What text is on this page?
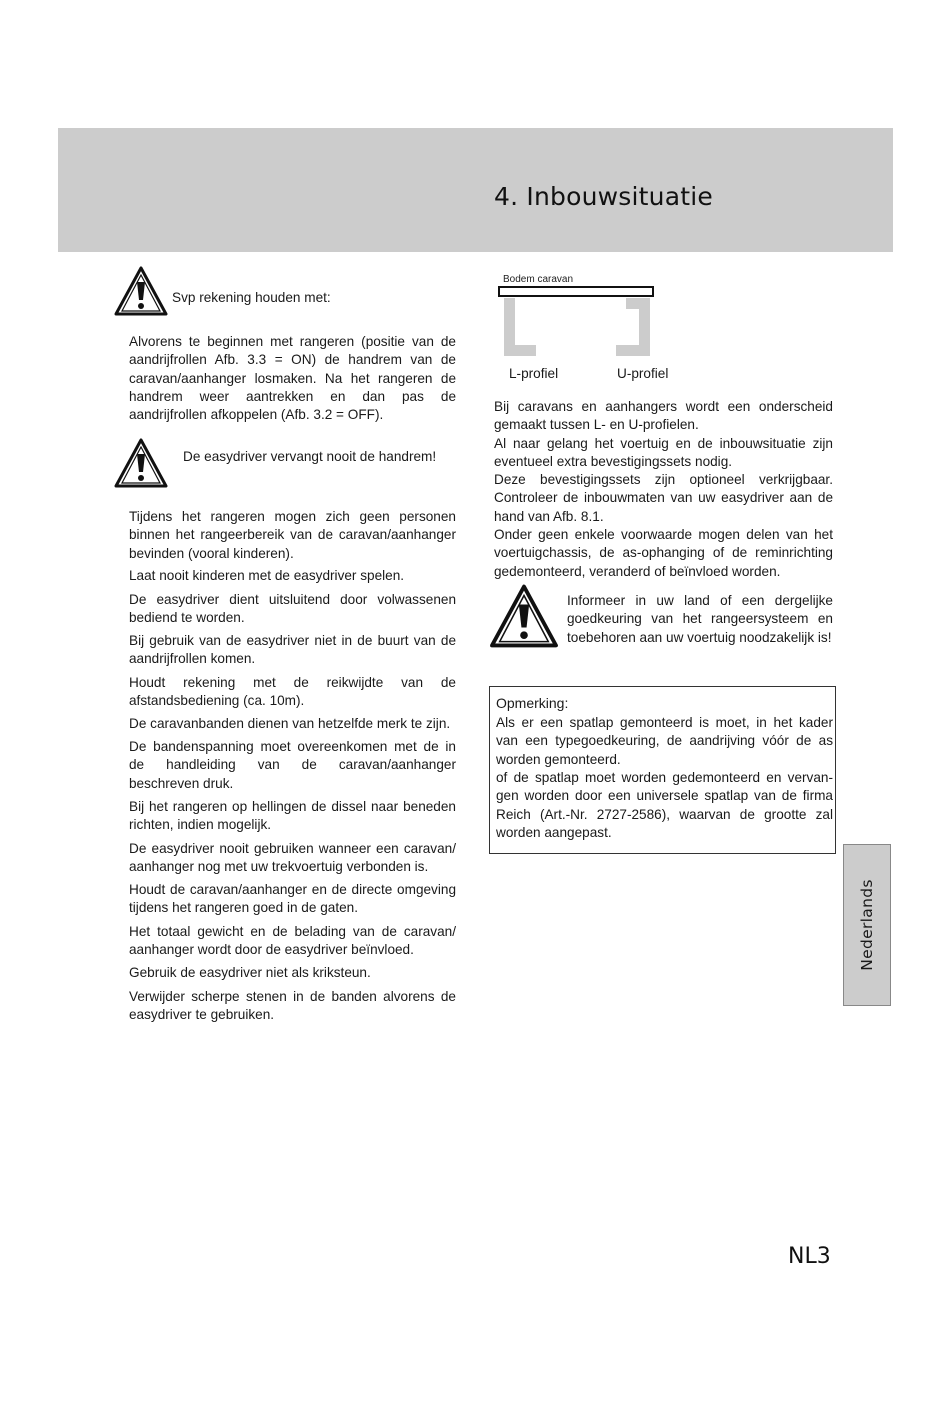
4. Inbouwsituatie
Svp rekening houden met:

Alvorens te beginnen met rangeren (positie van de aandrijfrollen Afb. 3.3 = ON) de handrem van de caravan/aanhanger losmaken. Na het rangeren de handrem weer aantrekken en dan pas de aandrijfrollen afkoppelen (Afb. 3.2 = OFF).

De easydriver vervangt nooit de handrem!

Tijdens het rangeren mogen zich geen personen binnen het rangeerbereik van de caravan/aanhanger bevinden (vooral kinderen).

Laat nooit kinderen met de easydriver spelen.

De easydriver dient uitsluitend door volwassenen bediend te worden.

Bij gebruik van de easydriver niet in de buurt van de aandrijfrollen komen.

Houdt rekening met de reikwijdte van de afstandsbediening (ca. 10m).

De caravanbanden dienen van hetzelfde merk te zijn.

De bandenspanning moet overeenkomen met de in de handleiding van de caravan/aanhanger beschreven druk.

Bij het rangeren op hellingen de dissel naar beneden richten, indien mogelijk.

De easydriver nooit gebruiken wanneer een caravan/ aanhanger nog met uw trekvoertuig verbonden is.

Houdt de caravan/aanhanger en de directe omgeving tijdens het rangeren goed in de gaten.

Het totaal gewicht en de belading van de caravan/ aanhanger wordt door de easydriver beïnvloed.

Gebruik de easydriver niet als kriksteun.

Verwijder scherpe stenen in de banden alvorens de easydriver te gebruiken.

Bodem caravan
L-profiel	U-profiel

Bij caravans en aanhangers wordt een onderscheid gemaakt tussen L- en U-profielen.

Al naar gelang het voertuig en de inbouwsituatie zijn eventueel extra bevestigingssets nodig.

Deze bevestigingssets zijn optioneel verkrijgbaar. Controleer de inbouwmaten van uw easydriver aan de hand van Afb. 8.1.

Onder geen enkele voorwaarde mogen delen van het voertuigchassis, de as-ophanging of de reminrichting gedemonteerd, veranderd of beïnvloed worden.

Informeer in uw land of een dergelijke goedkeuring van het rangeersysteem en toebehoren aan uw voertuig noodzakelijk is!

Opmerking:

Als er een spatlap gemonteerd is moet, in het kader van een typegoedkeuring, de aandrijving vóór de as worden gemonteerd.

of de spatlap moet worden gedemonteerd en vervan-gen worden door een universele spatlap van de firma Reich (Art.-Nr. 2727-2586), waarvan de grootte zal worden aangepast.

Nederlands
NL3
